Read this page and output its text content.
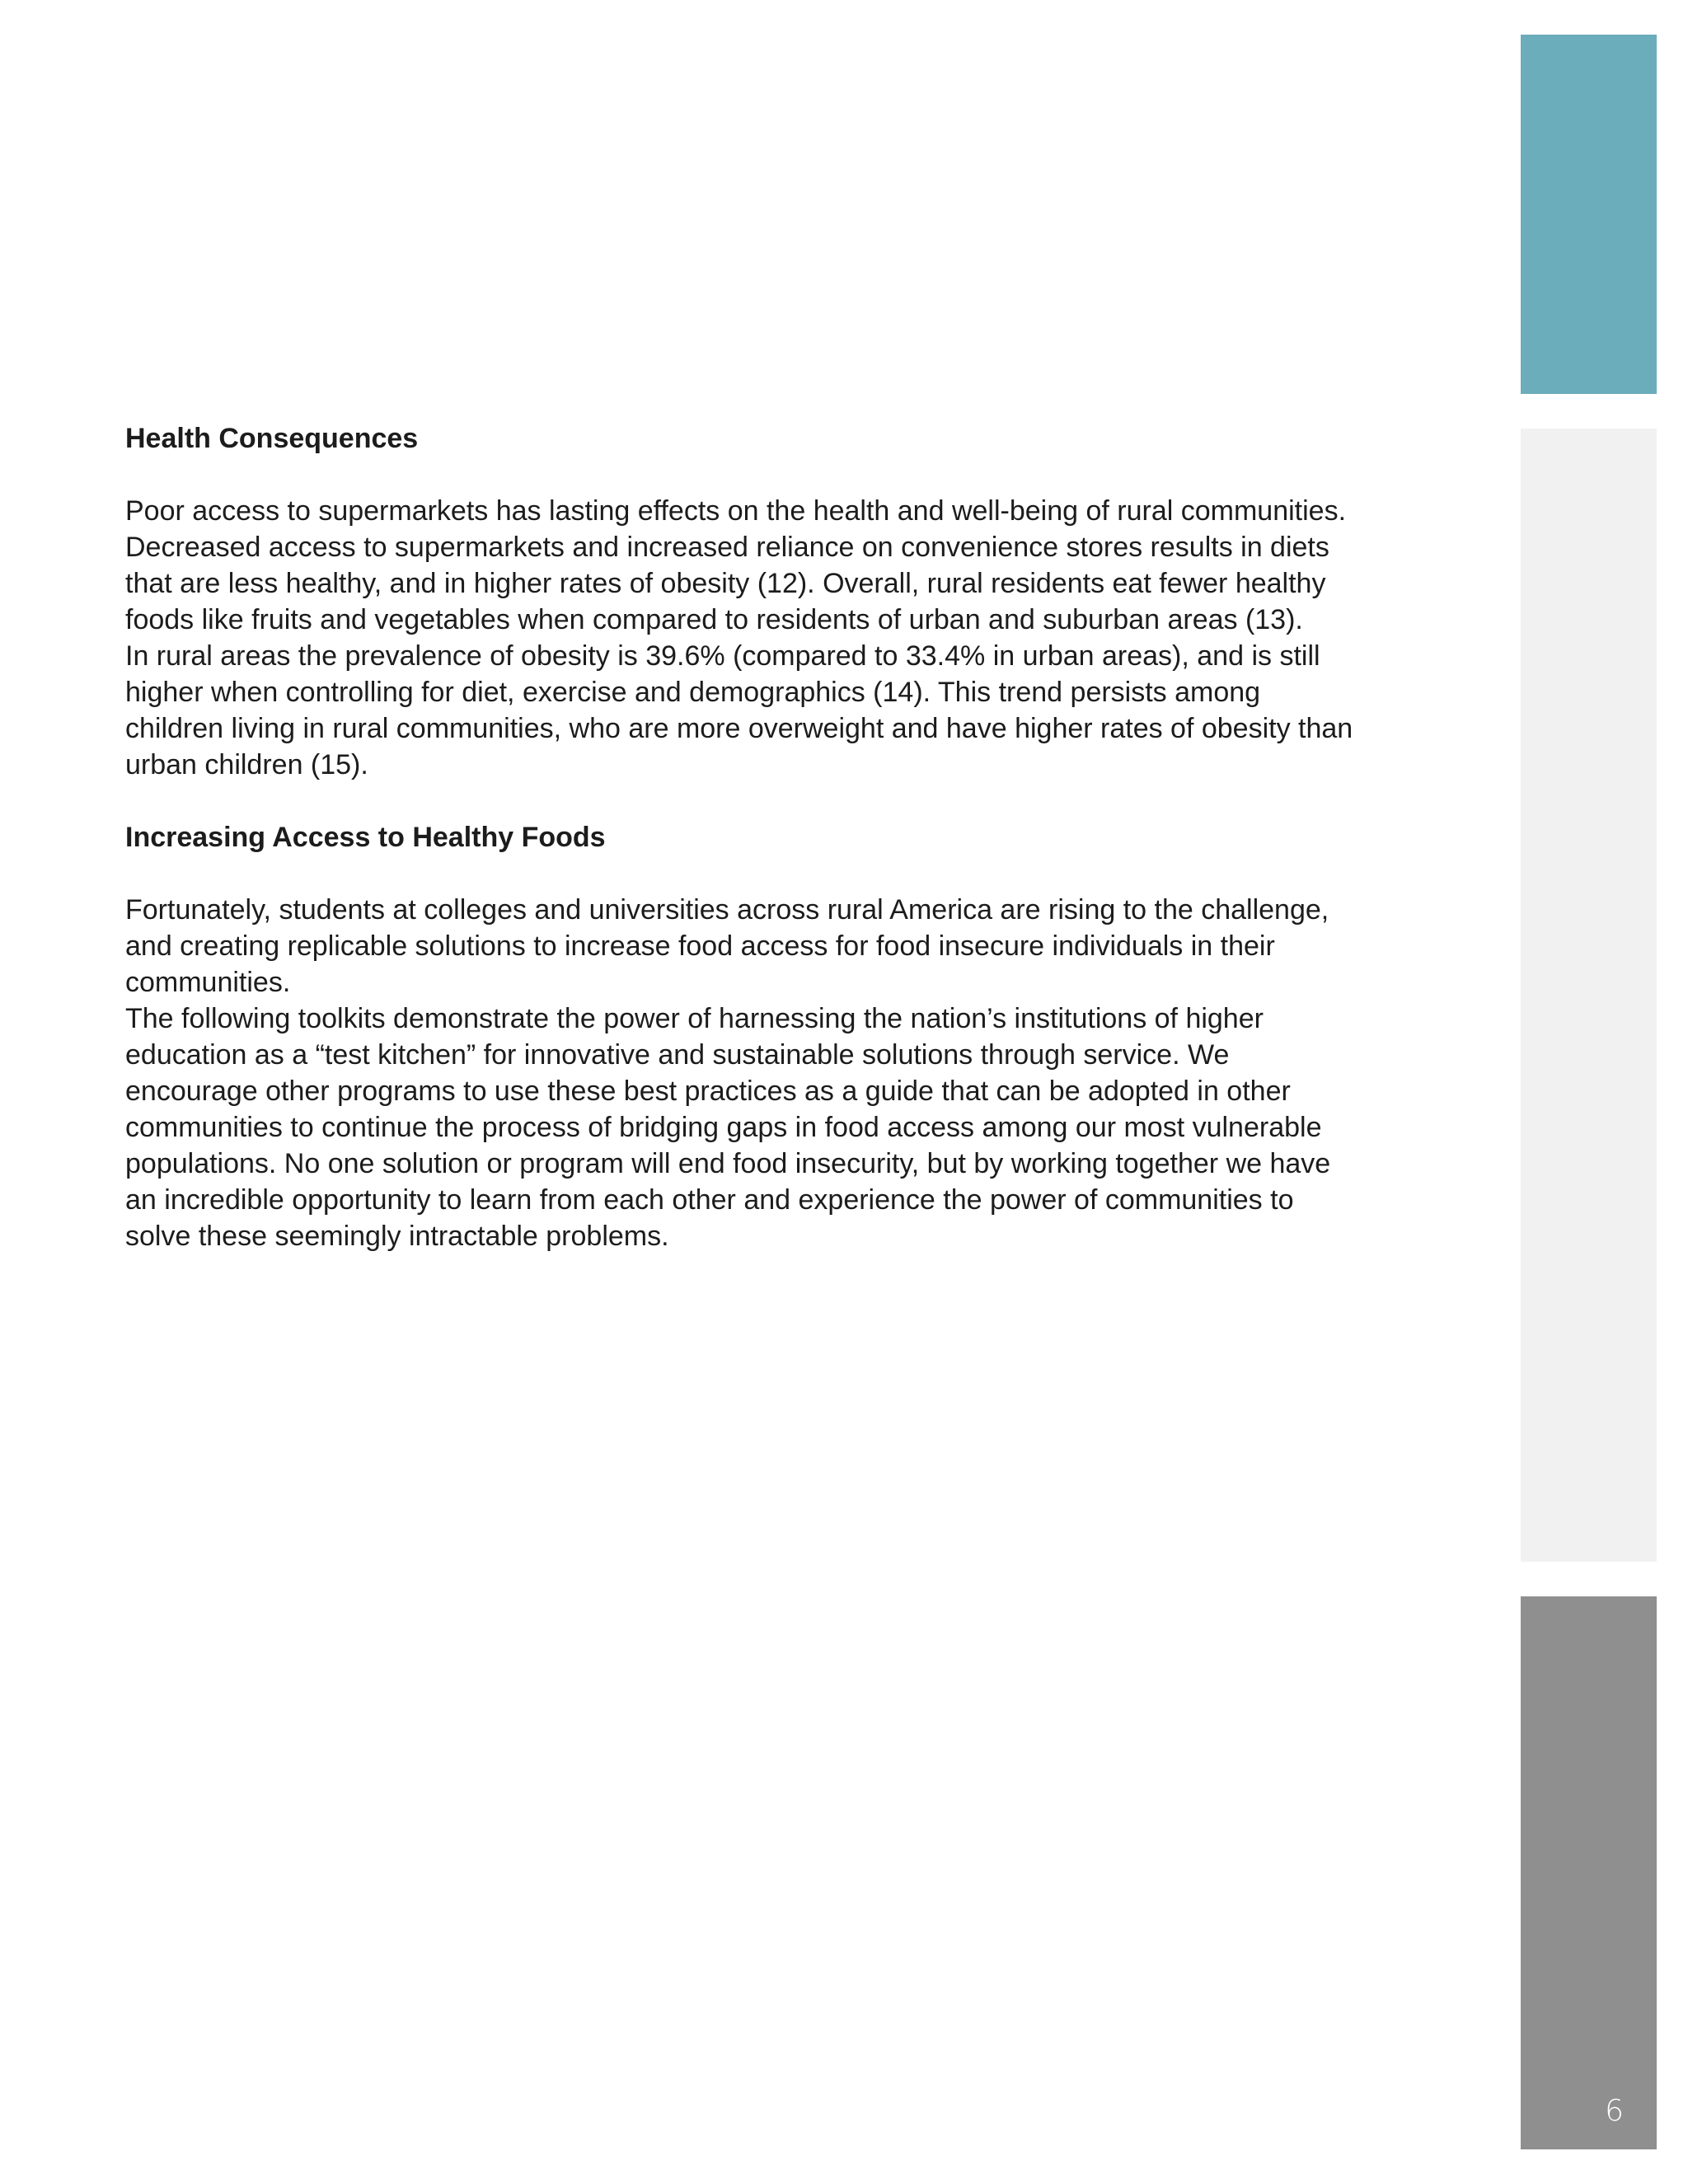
Health Consequences

Poor access to supermarkets has lasting effects on the health and well-being of rural communities. Decreased access to supermarkets and increased reliance on convenience stores results in diets that are less healthy, and in higher rates of obesity (12). Overall, rural residents eat fewer healthy foods like fruits and vegetables when compared to residents of urban and suburban areas (13).

In rural areas the prevalence of obesity is 39.6% (compared to 33.4% in urban areas), and is still higher when controlling for diet, exercise and demographics (14). This trend persists among children living in rural communities, who are more overweight and have higher rates of obesity than urban children (15).

Increasing Access to Healthy Foods

Fortunately, students at colleges and universities across rural America are rising to the challenge, and creating replicable solutions to increase food access for food insecure individuals in their communities.

The following toolkits demonstrate the power of harnessing the nation’s institutions of higher education as a “test kitchen” for innovative and sustainable solutions through service. We encourage other programs to use these best practices as a guide that can be adopted in other communities to continue the process of bridging gaps in food access among our most vulnerable populations. No one solution or program will end food insecurity, but by working together we have an incredible opportunity to learn from each other and experience the power of communities to solve these seemingly intractable problems.

6
